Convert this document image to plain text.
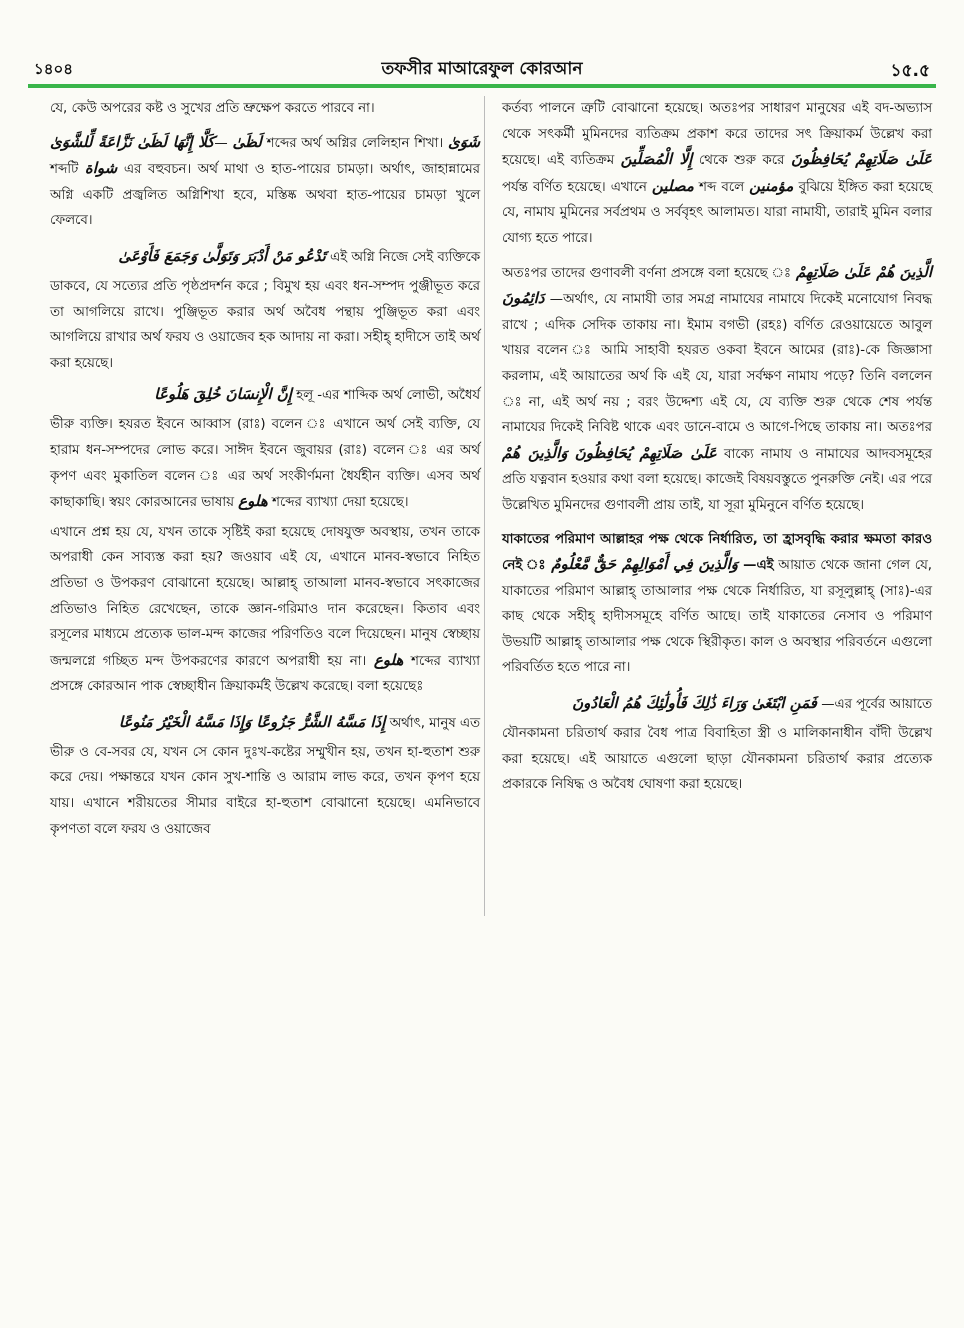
১৪০৪	তফসীর মাআরেফুল কোরআন	১৫.৫

যে, কেউ অপরের কষ্ট ও সুখের প্রতি ভ্রুক্ষেপ করতে পারবে না।

كَلَّا إِنَّهَا لَظَىٰ نَزَّاعَةً لِّلشَّوَىٰ— لَظَىٰ শব্দের অর্থ অগ্নির লেলিহান শিখা। شَوَىٰ শব্দটি شواة এর বহুবচন। অর্থ মাথা ও হাত-পায়ের চামড়া। অর্থাৎ, জাহান্নামের অগ্নি একটি প্রজ্বলিত অগ্নিশিখা হবে, মস্তিষ্ক অথবা হাত-পায়ের চামড়া খুলে ফেলবে।

تَدْعُو مَنْ أَدْبَرَ وَتَوَلَّىٰ وَجَمَعَ فَأَوْعَىٰ এই অগ্নি নিজে সেই ব্যক্তিকে
ডাকবে, যে সত্যের প্রতি পৃষ্ঠপ্রদর্শন করে ; বিমুখ হয় এবং ধন-সম্পদ পুঞ্জীভূত করে তা আগলিয়ে রাখে। পুঞ্জিভূত করার অর্থ অবৈধ পন্থায় পুঞ্জিভূত করা এবং আগলিয়ে রাখার অর্থ ফরয ও ওয়াজেব হক আদায় না করা। সহীহ্ হাদীসে তাই অর্থ করা হয়েছে।

إِنَّ الْإِنسَانَ خُلِقَ هَلُوعًا হলূ -এর শাব্দিক অর্থ লোভী, অধৈর্য
ভীরু ব্যক্তি। হযরত ইবনে আব্বাস (রাঃ) বলেন ঃ এখানে অর্থ সেই ব্যক্তি, যে হারাম ধন-সম্পদের লোভ করে। সাঈদ ইবনে জুবায়র (রাঃ) বলেন ঃ এর অর্থ কৃপণ এবং মুকাতিল বলেন ঃ এর অর্থ সংকীর্ণমনা ধৈর্যহীন ব্যক্তি। এসব অর্থ কাছাকাছি। স্বয়ং কোরআনের ভাষায় هلوع শব্দের ব্যাখ্যা দেয়া হয়েছে।

এখানে প্রশ্ন হয় যে, যখন তাকে সৃষ্টিই করা হয়েছে দোষযুক্ত অবস্থায়, তখন তাকে অপরাধী কেন সাব্যস্ত করা হয়? জওয়াব এই যে, এখানে মানব-স্বভাবে নিহিত প্রতিভা ও উপকরণ বোঝানো হয়েছে। আল্লাহ্ তাআলা মানব-স্বভাবে সৎকাজের প্রতিভাও নিহিত রেখেছেন, তাকে জ্ঞান-গরিমাও দান করেছেন। কিতাব এবং রসূলের মাধ্যমে প্রত্যেক ভাল-মন্দ কাজের পরিণতিও বলে দিয়েছেন। মানুষ স্বেচ্ছায় জন্মলগ্নে গচ্ছিত মন্দ উপকরণের কারণে অপরাধী হয় না। هلوع শব্দের ব্যাখ্যা প্রসঙ্গে কোরআন পাক স্বেচ্ছাধীন ক্রিয়াকর্মই উল্লেখ করেছে। বলা হয়েছেঃ

إِذَا مَسَّهُ الشَّرُّ جَزُوعًا وَإِذَا مَسَّهُ الْخَيْرُ مَنُوعًا অর্থাৎ, মানুষ এত
ভীরু ও বে-সবর যে, যখন সে কোন দুঃখ-কষ্টের সম্মুখীন হয়, তখন হা-হুতাশ শুরু করে দেয়। পক্ষান্তরে যখন কোন সুখ-শান্তি ও আরাম লাভ করে, তখন কৃপণ হয়ে যায়। এখানে শরীয়তের সীমার বাইরে হা-হুতাশ বোঝানো হয়েছে। এমনিভাবে কৃপণতা বলে ফরয ও ওয়াজেব

কর্তব্য পালনে ত্রুটি বোঝানো হয়েছে। অতঃপর সাধারণ মানুষের এই বদ-অভ্যাস থেকে সৎকর্মী মুমিনদের ব্যতিক্রম প্রকাশ করে তাদের সৎ ক্রিয়াকর্ম উল্লেখ করা হয়েছে। এই ব্যতিক্রম إِلَّا الْمُصَلِّينَ থেকে শুরু করে عَلَىٰ صَلَاتِهِمْ يُحَافِظُونَ পর্যন্ত বর্ণিত হয়েছে। এখানে مصلين শব্দ বলে مؤمنين বুঝিয়ে ইঙ্গিত করা হয়েছে যে, নামায মুমিনের সর্বপ্রথম ও সর্ববৃহৎ আলামত। যারা নামাযী, তারাই মুমিন বলার যোগ্য হতে পারে।

অতঃপর তাদের গুণাবলী বর্ণনা প্রসঙ্গে বলা হয়েছে ঃ الَّذِينَ هُمْ عَلَىٰ صَلَاتِهِمْ دَائِمُونَ —অর্থাৎ, যে নামাযী তার সমগ্র নামাযের নামাযে দিকেই মনোযোগ নিবদ্ধ রাখে ; এদিক সেদিক তাকায় না। ইমাম বগভী (রহঃ) বর্ণিত রেওয়ায়েতে আবুল খায়র বলেন ঃ আমি সাহাবী হযরত ওকবা ইবনে আমের (রাঃ)-কে জিজ্ঞাসা করলাম, এই আয়াতের অর্থ কি এই যে, যারা সর্বক্ষণ নামায পড়ে? তিনি বললেন ঃ না, এই অর্থ নয় ; বরং উদ্দেশ্য এই যে, যে ব্যক্তি শুরু থেকে শেষ পর্যন্ত নামাযের দিকেই নিবিষ্ট থাকে এবং ডানে-বামে ও আগে-পিছে তাকায় না। অতঃপর وَالَّذِينَ هُمْ عَلَىٰ صَلَاتِهِمْ يُحَافِظُونَ বাক্যে নামায ও নামাযের আদবসমূহের প্রতি যত্নবান হওয়ার কথা বলা হয়েছে। কাজেই বিষয়বস্তুতে পুনরুক্তি নেই। এর পরে উল্লেখিত মুমিনদের গুণাবলী প্রায় তাই, যা সূরা মুমিনুনে বর্ণিত হয়েছে।

যাকাতের পরিমাণ আল্লাহর পক্ষ থেকে নির্ধারিত, তা হ্রাসবৃদ্ধি করার ক্ষমতা কারও নেই ঃ وَالَّذِينَ فِي أَمْوَالِهِمْ حَقٌّ مَّعْلُومٌ —এই আয়াত থেকে জানা গেল যে, যাকাতের পরিমাণ আল্লাহ্ তাআলার পক্ষ থেকে নির্ধারিত, যা রসূলুল্লাহ্ (সাঃ)-এর কাছ থেকে সহীহ্ হাদীসসমূহে বর্ণিত আছে। তাই যাকাতের নেসাব ও পরিমাণ উভয়টি আল্লাহ্ তাআলার পক্ষ থেকে স্থিরীকৃত। কাল ও অবস্থার পরিবর্তনে এগুলো পরিবর্তিত হতে পারে না।

فَمَنِ ابْتَغَىٰ وَرَاءَ ذَٰلِكَ فَأُولَٰئِكَ هُمُ الْعَادُونَ —এর পূর্বের আয়াতে
যৌনকামনা চরিতার্থ করার বৈধ পাত্র বিবাহিতা স্ত্রী ও মালিকানাধীন বাঁদী উল্লেখ করা হয়েছে। এই আয়াতে এগুলো ছাড়া যৌনকামনা চরিতার্থ করার প্রত্যেক প্রকারকে নিষিদ্ধ ও অবৈধ ঘোষণা করা হয়েছে।
